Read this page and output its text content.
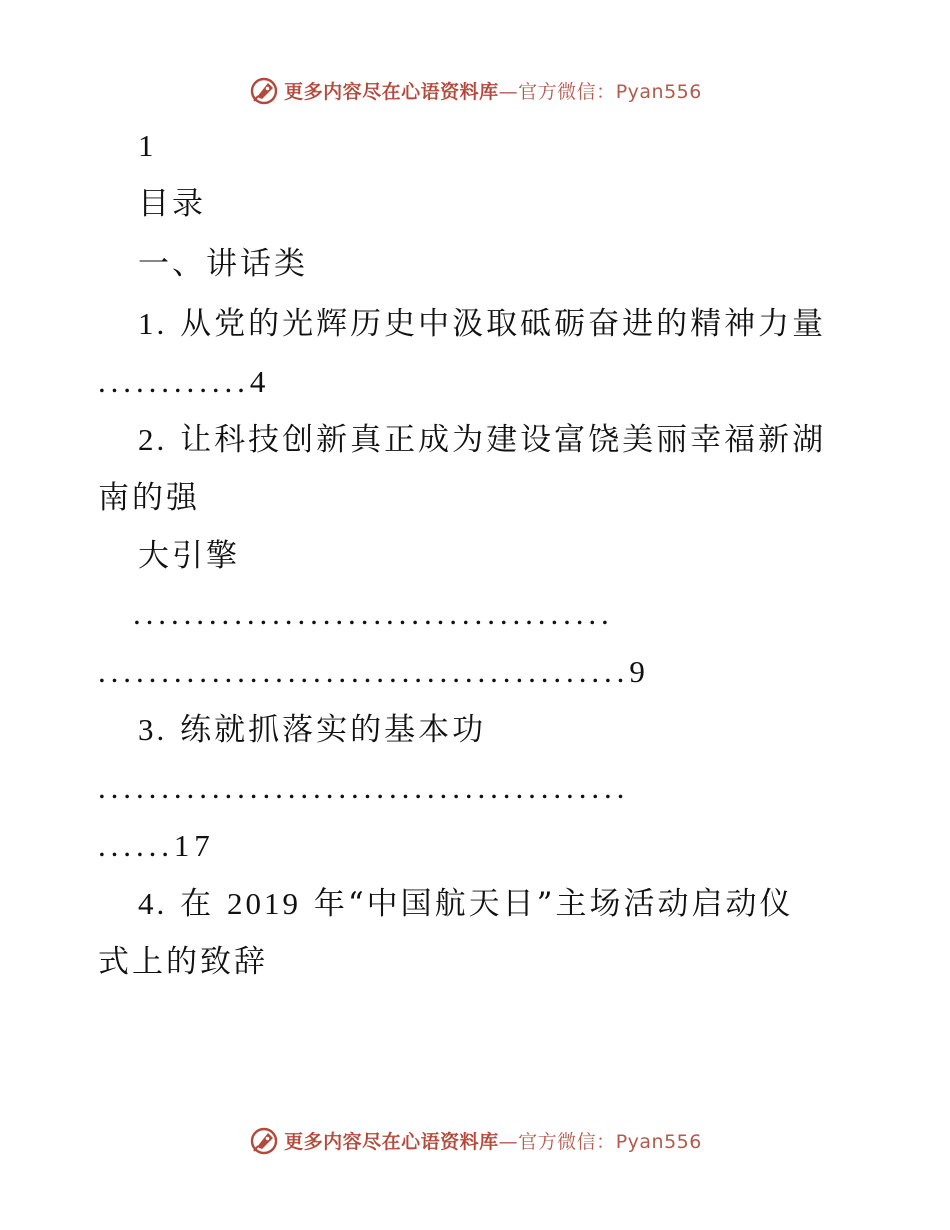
更多内容尽在心语资料库—官方微信：Pyan556
1
目录
一、讲话类
1. 从党的光辉历史中汲取砥砺奋进的精神力量
............4
2. 让科技创新真正成为建设富饶美丽幸福新湖
南的强
大引擎
......................................
..........................................9
3. 练就抓落实的基本功
..........................................
......17
4. 在 2019 年“中国航天日”主场活动启动仪
式上的致辞
更多内容尽在心语资料库—官方微信：Pyan556
